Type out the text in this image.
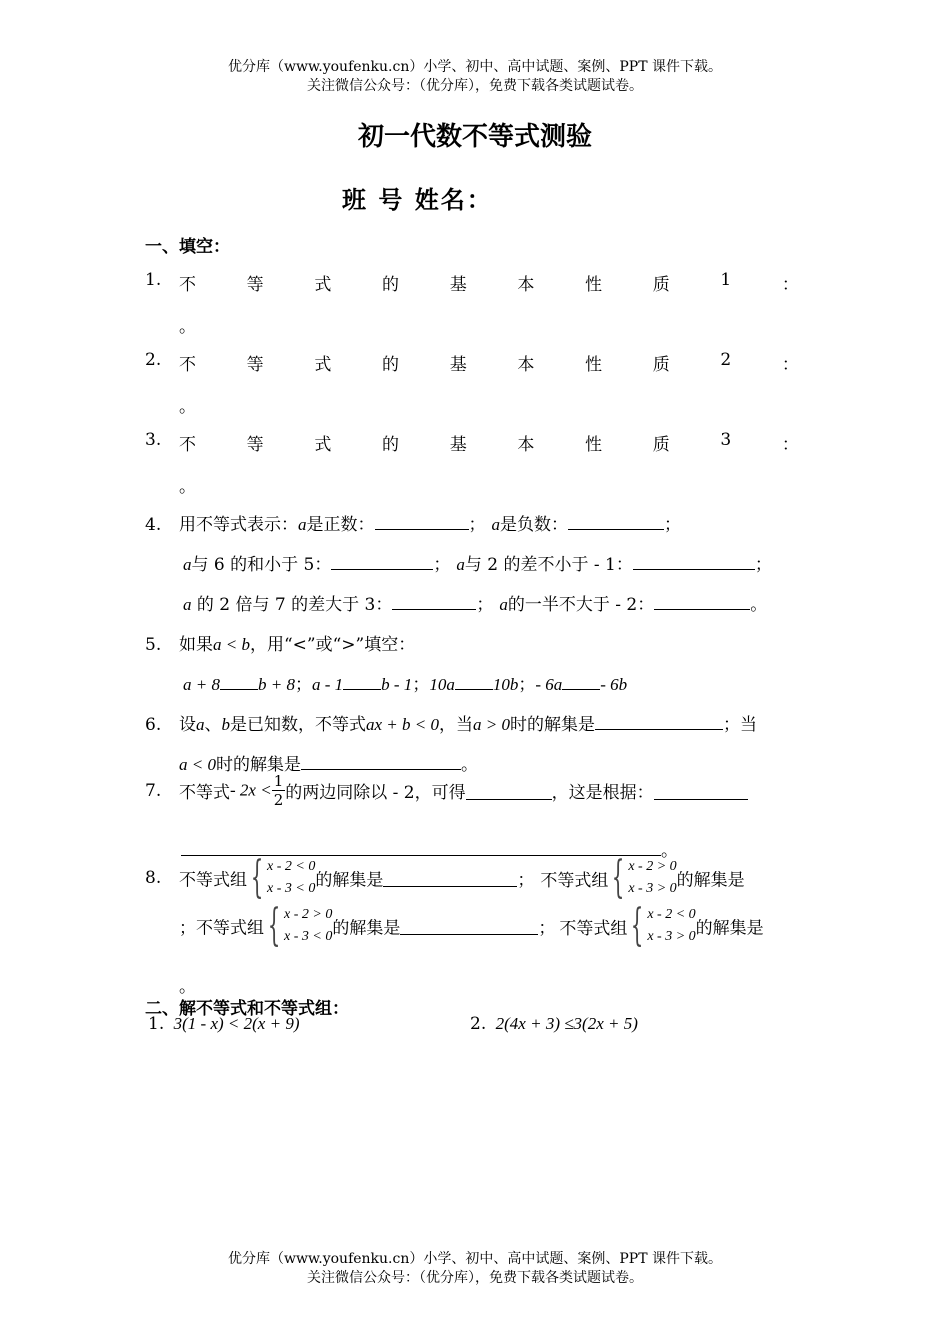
优分库（www.youfenku.cn）小学、初中、高中试题、案例、PPT 课件下载。
关注微信公众号：（优分库），免费下载各类试题试卷。
初一代数不等式测验
班 号 姓名：
一、填空：
1. 不	等	式	的	基	本	性	质	1	：
。
2. 不	等	式	的	基	本	性	质	2	：
。
3. 不	等	式	的	基	本	性	质	3	：
。
4. 用不等式表示：a是正数：	； a是负数：	；
a与 6 的和小于 5：	； a与 2 的差不小于 - 1：	；
a 的 2 倍与 7 的差大于 3：	； a的一半不大于 - 2：	。
5. 如果a < b，用“<”或“>”填空：
a + 8 b + 8；a - 1 b - 1；10a 10b；- 6a - 6b
6. 设a、b是已知数，不等式ax + b < 0，当a > 0时的解集是	；当
a < 0时的解集是	。
7. 不等式- $2x < \frac{1}{2}$ 的两边同除以 - 2，可得	，这是根据：
。
8. 不等式组 { x - 2 < 0
x - 3 < 0 的解集是	； 不等式组 { x - 2 > 0
x - 3 > 0 的解集是
；不等式组 { x - 2 > 0
x - 3 < 0 的解集是	； 不等式组 { x - 2 < 0
x - 3 > 0 的解集是
。
二、解不等式和不等式组：
1. 3(1 - x) < 2(x + 9)	2. 2(4x + 3) ≤3(2x + 5)
优分库（www.youfenku.cn）小学、初中、高中试题、案例、PPT 课件下载。
关注微信公众号：（优分库），免费下载各类试题试卷。
